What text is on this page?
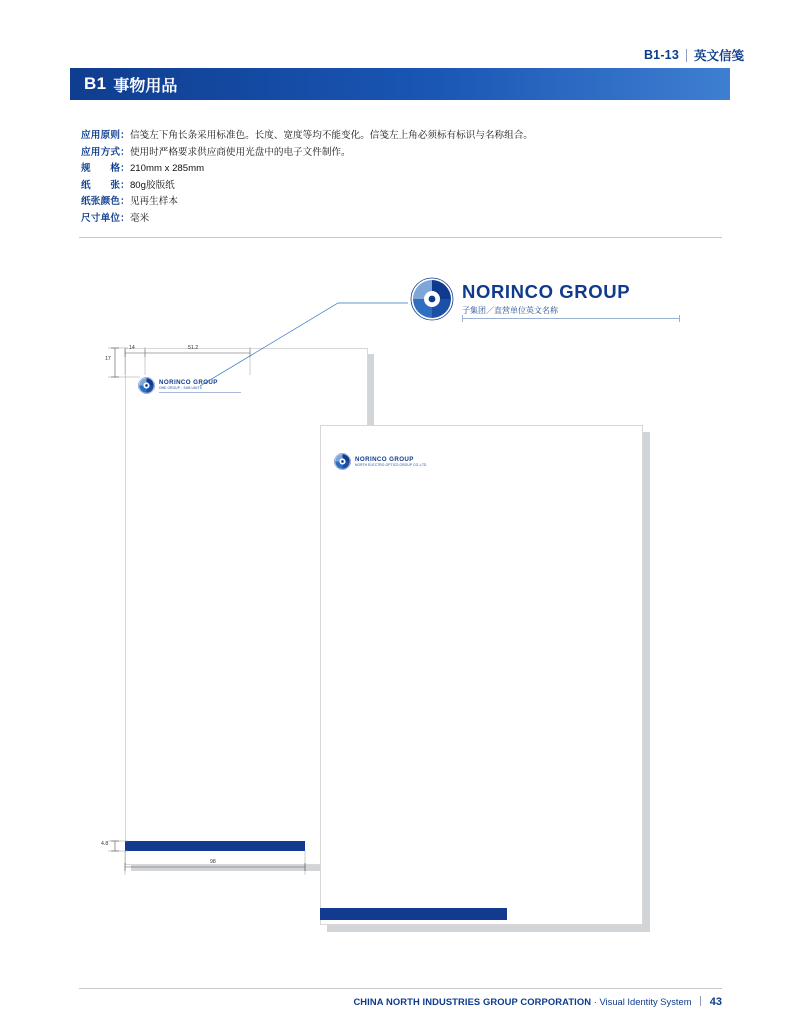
B1-13 英文信笺
B1 事物用品
应用原则：信笺左下角长条采用标准色。长度、宽度等均不能变化。信笺左上角必须标有标识与名称组合。
应用方式：使用时严格要求供应商使用光盘中的电子文件制作。
规　　格：210mm x 285mm
纸　　张：80g胶版纸
纸张颜色：见再生样本
尺寸单位：毫米
NORINCO GROUP
子集团／直营单位英文名称
NORINCO GROUP
ONE GROUP／SUB UNITS
NORINCO GROUP
NORTH ELECTRO-OPTICS GROUP CO.,LTD
14	51.2
17
4.8
98
CHINA NORTH INDUSTRIES GROUP CORPORATION · Visual Identity System 43
